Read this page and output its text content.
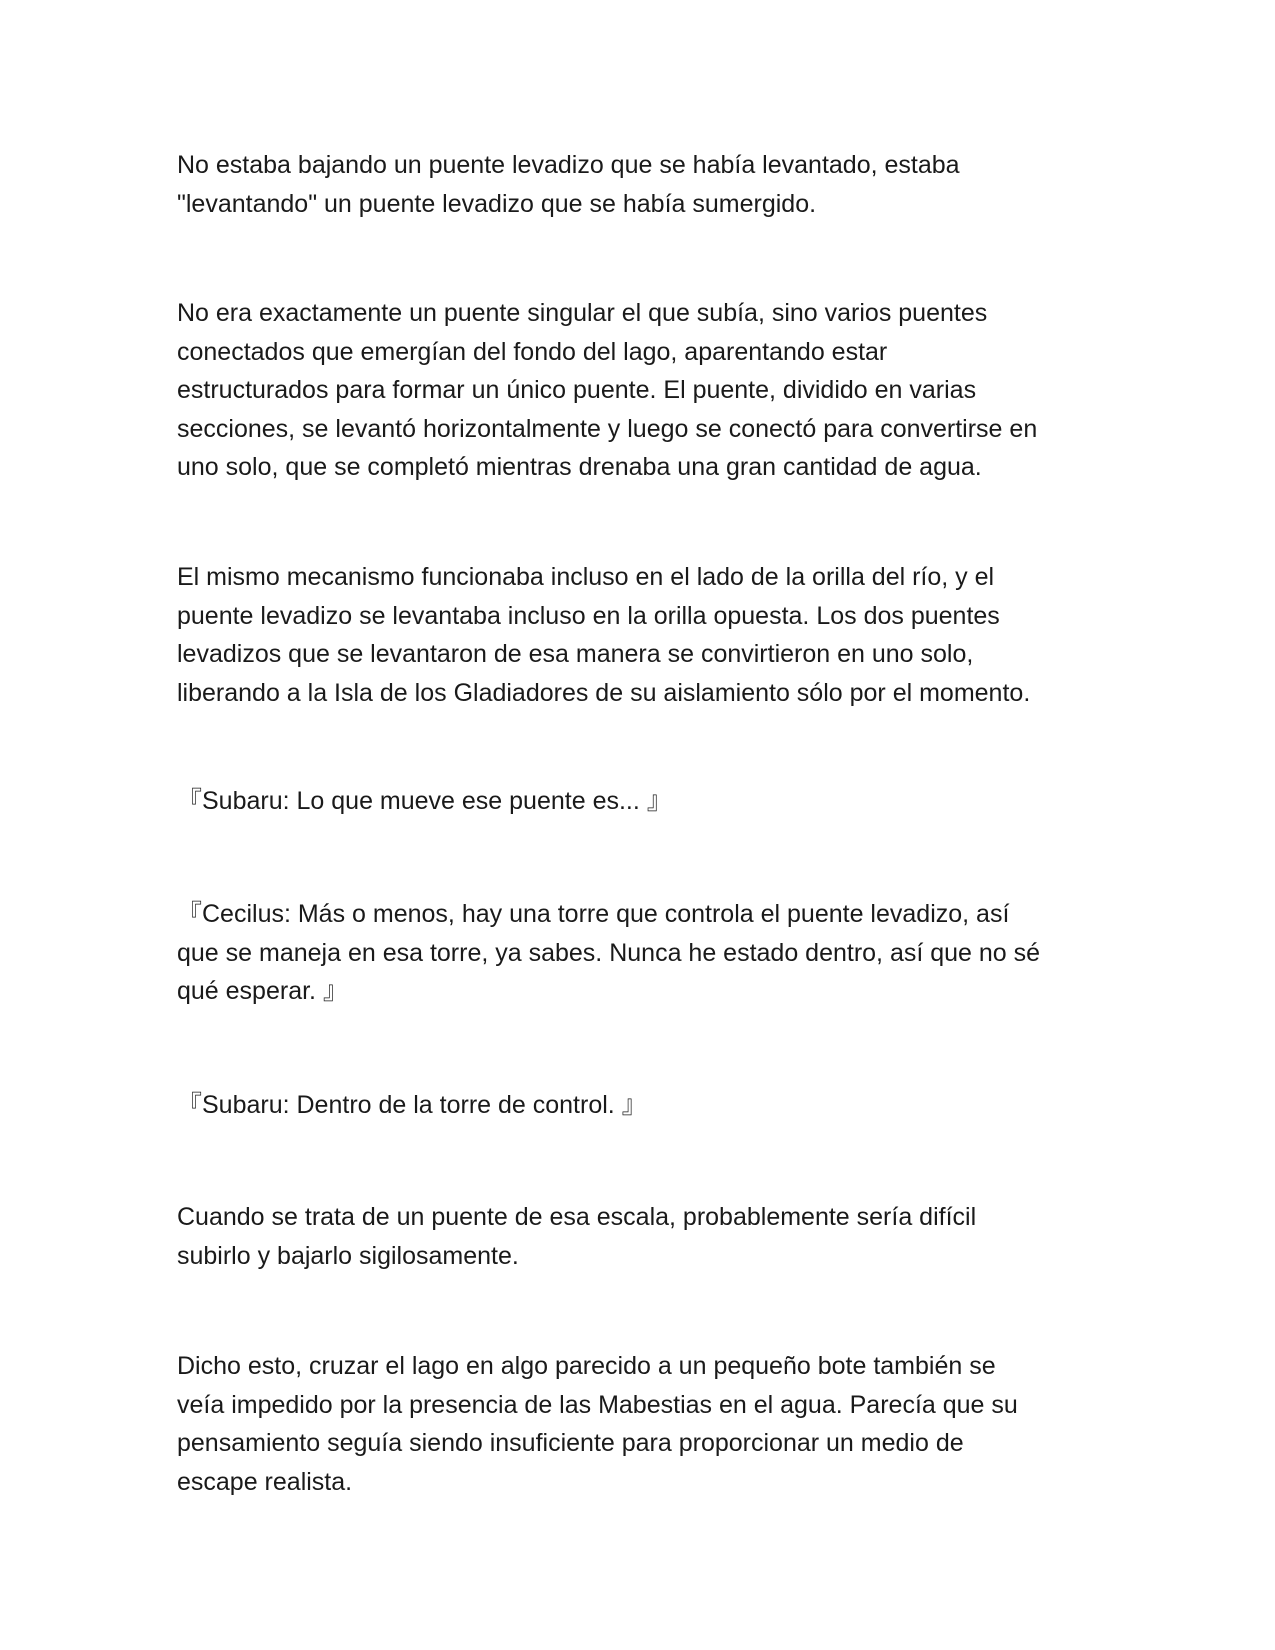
No estaba bajando un puente levadizo que se había levantado, estaba
"levantando" un puente levadizo que se había sumergido.

No era exactamente un puente singular el que subía, sino varios puentes
conectados que emergían del fondo del lago, aparentando estar
estructurados para formar un único puente. El puente, dividido en varias
secciones, se levantó horizontalmente y luego se conectó para convertirse en
uno solo, que se completó mientras drenaba una gran cantidad de agua.

El mismo mecanismo funcionaba incluso en el lado de la orilla del río, y el
puente levadizo se levantaba incluso en la orilla opuesta. Los dos puentes
levadizos que se levantaron de esa manera se convirtieron en uno solo,
liberando a la Isla de los Gladiadores de su aislamiento sólo por el momento.

『Subaru: Lo que mueve ese puente es... 』

『Cecilus: Más o menos, hay una torre que controla el puente levadizo, así
que se maneja en esa torre, ya sabes. Nunca he estado dentro, así que no sé
qué esperar. 』

『Subaru: Dentro de la torre de control. 』

Cuando se trata de un puente de esa escala, probablemente sería difícil
subirlo y bajarlo sigilosamente.

Dicho esto, cruzar el lago en algo parecido a un pequeño bote también se
veía impedido por la presencia de las Mabestias en el agua. Parecía que su
pensamiento seguía siendo insuficiente para proporcionar un medio de
escape realista.
